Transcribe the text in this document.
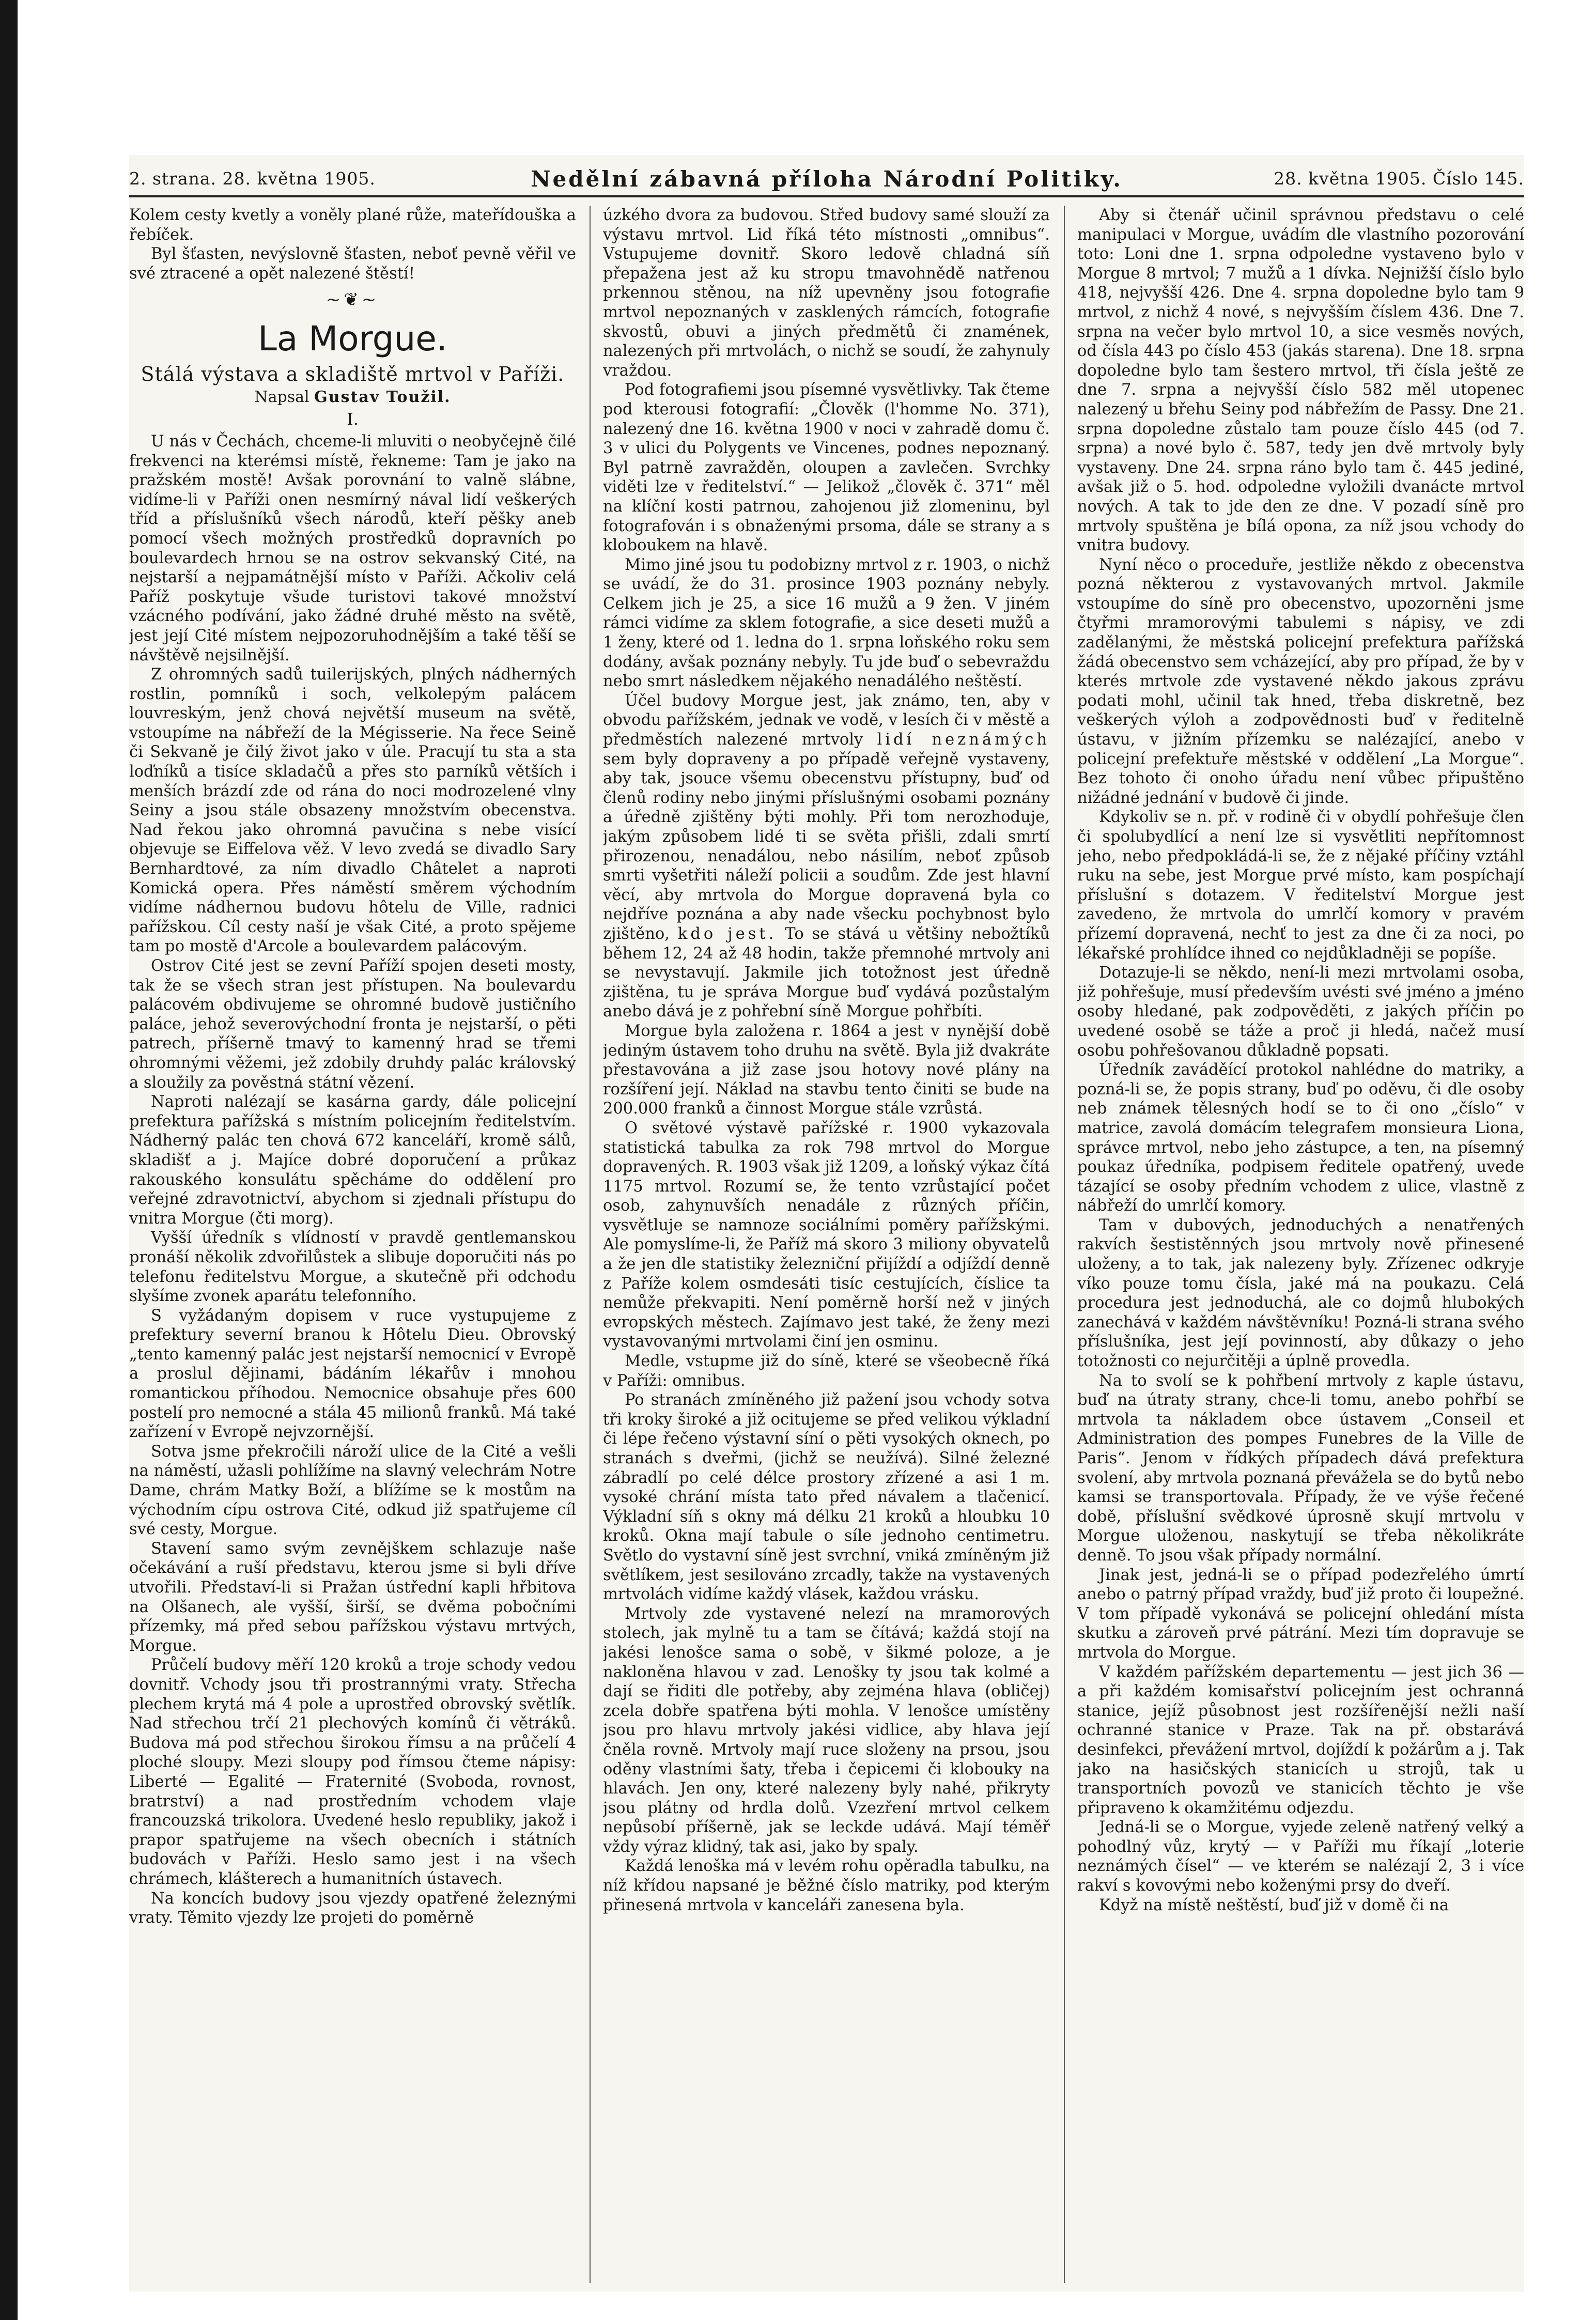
2. strana. 28. května 1905.	Nedělní zábavná příloha Národní Politiky.	28. května 1905. Číslo 145.

Kolem cesty kvetly a voněly plané růže, mateřídouška a řebíček.

Byl šťasten, nevýslovně šťasten, neboť pevně věřil ve své ztracené a opět nalezené štěstí!

~❦~
La Morgue.
Stálá výstava a skladiště mrtvol v Paříži.
Napsal Gustav Toužil.
I.

U nás v Čechách, chceme-li mluviti o neobyčejně čilé frekvenci na kterémsi místě, řekneme: Tam je jako na pražském mostě! Avšak porovnání to valně slábne, vidíme-li v Paříži onen nesmírný nával lidí veškerých tříd a příslušníků všech národů, kteří pěšky aneb pomocí všech možných prostředků dopravních po boulevardech hrnou se na ostrov sekvanský Cité, na nejstarší a nejpamátnější místo v Paříži. Ačkoliv celá Paříž poskytuje všude turistovi takové množství vzácného podívání, jako žádné druhé město na světě, jest její Cité místem nejpozoruhodnějším a také těší se návštěvě nejsilnější.

Z ohromných sadů tuilerijských, plných nádherných rostlin, pomníků i soch, velkolepým palácem louvreským, jenž chová největší museum na světě, vstoupíme na nábřeží de la Mégisserie. Na řece Seině či Sekvaně je čilý život jako v úle. Pracují tu sta a sta loďníků a tisíce skladačů a přes sto parníků větších i menších brázdí zde od rána do noci modrozelené vlny Seiny a jsou stále obsazeny množstvím obecenstva. Nad řekou jako ohromná pavučina s nebe visící objevuje se Eiffelova věž. V levo zvedá se divadlo Sary Bernhardtové, za ním divadlo Châtelet a naproti Komická opera. Přes náměstí směrem východním vidíme nádhernou budovu hôtelu de Ville, radnici pařížskou. Cíl cesty naší je však Cité, a proto spějeme tam po mostě d'Arcole a boulevardem palácovým.

Ostrov Cité jest se zevní Paříží spojen deseti mosty, tak že se všech stran jest přístupen. Na boulevardu palácovém obdivujeme se ohromné budově justičního paláce, jehož severovýchodní fronta je nejstarší, o pěti patrech, příšerně tmavý to kamenný hrad se třemi ohromnými věžemi, jež zdobily druhdy palác královský a sloužily za pověstná státní vězení.

Naproti nalézají se kasárna gardy, dále policejní prefektura pařížská s místním policejním ředitelstvím. Nádherný palác ten chová 672 kanceláří, kromě sálů, skladišť a j. Majíce dobré doporučení a průkaz rakouského konsulátu spěcháme do oddělení pro veřejné zdravotnictví, abychom si zjednali přístupu do vnitra Morgue (čti morg).

Vyšší úředník s vlídností v pravdě gentlemanskou pronáší několik zdvořilůstek a slibuje doporučiti nás po telefonu ředitelstvu Morgue, a skutečně při odchodu slyšíme zvonek aparátu telefonního.

S vyžádaným dopisem v ruce vystupujeme z prefektury severní branou k Hôtelu Dieu. Obrovský „tento kamenný palác jest nejstarší nemocnicí v Evropě a proslul dějinami, bádáním lékařův i mnohou romantickou příhodou. Nemocnice obsahuje přes 600 postelí pro nemocné a stála 45 milionů franků. Má také zařízení v Evropě nejvzornější.

Sotva jsme překročili nároží ulice de la Cité a vešli na náměstí, užasli pohlížíme na slavný velechrám Notre Dame, chrám Matky Boží, a blížíme se k mostům na východním cípu ostrova Cité, odkud již spatřujeme cíl své cesty, Morgue.

Stavení samo svým zevnějškem schlazuje naše očekávání a ruší představu, kterou jsme si byli dříve utvořili. Představí-li si Pražan ústřední kapli hřbitova na Olšanech, ale vyšší, širší, se dvěma pobočními přízemky, má před sebou pařížskou výstavu mrtvých, Morgue.

Průčelí budovy měří 120 kroků a troje schody vedou dovnitř. Vchody jsou tři prostrannými vraty. Střecha plechem krytá má 4 pole a uprostřed obrovský světlík. Nad střechou trčí 21 plechových komínů či větráků. Budova má pod střechou širokou římsu a na průčelí 4 ploché sloupy. Mezi sloupy pod římsou čteme nápisy: Liberté — Egalité — Fraternité (Svoboda, rovnost, bratrství) a nad prostředním vchodem vlaje francouzská trikolora. Uvedené heslo republiky, jakož i prapor spatřujeme na všech obecních i státních budovách v Paříži. Heslo samo jest i na všech chrámech, klášterech a humanitních ústavech.

Na koncích budovy jsou vjezdy opatřené železnými vraty. Těmito vjezdy lze projeti do poměrně

úzkého dvora za budovou. Střed budovy samé slouží za výstavu mrtvol. Lid říká této místnosti „omnibus“. Vstupujeme dovnitř. Skoro ledově chladná síň přepažena jest až ku stropu tmavohnědě natřenou prkennou stěnou, na níž upevněny jsou fotografie mrtvol nepoznaných v zasklených rámcích, fotografie skvostů, obuvi a jiných předmětů či znamének, nalezených při mrtvolách, o nichž se soudí, že zahynuly vraždou.

Pod fotografiemi jsou písemné vysvětlivky. Tak čteme pod kterousi fotografií: „Člověk (l'homme No. 371), nalezený dne 16. května 1900 v noci v zahradě domu č. 3 v ulici du Polygents ve Vincenes, podnes nepoznaný. Byl patrně zavražděn, oloupen a zavlečen. Svrchky viděti lze v ředitelství.“ — Jelikož „člověk č. 371“ měl na klíční kosti patrnou, zahojenou již zlomeninu, byl fotografován i s obnaženými prsoma, dále se strany a s kloboukem na hlavě.

Mimo jiné jsou tu podobizny mrtvol z r. 1903, o nichž se uvádí, že do 31. prosince 1903 poznány nebyly. Celkem jich je 25, a sice 16 mužů a 9 žen. V jiném rámci vidíme za sklem fotografie, a sice deseti mužů a 1 ženy, které od 1. ledna do 1. srpna loňského roku sem dodány, avšak poznány nebyly. Tu jde buď o sebevraždu nebo smrt následkem nějakého nenadálého neštěstí.

Účel budovy Morgue jest, jak známo, ten, aby v obvodu pařížském, jednak ve vodě, v lesích či v městě a předměstích nalezené mrtvoly lidí neznámých sem byly dopraveny a po případě veřejně vystaveny, aby tak, jsouce všemu obecenstvu přístupny, buď od členů rodiny nebo jinými příslušnými osobami poznány a úředně zjištěny býti mohly. Při tom nerozhoduje, jakým způsobem lidé ti se světa přišli, zdali smrtí přirozenou, nenadálou, nebo násilím, neboť způsob smrti vyšetřiti náleží policii a soudům. Zde jest hlavní věcí, aby mrtvola do Morgue dopravená byla co nejdříve poznána a aby nade všecku pochybnost bylo zjištěno, kdo jest. To se stává u většiny nebožtíků během 12, 24 až 48 hodin, takže přemnohé mrtvoly ani se nevystavují. Jakmile jich totožnost jest úředně zjištěna, tu je správa Morgue buď vydává pozůstalým anebo dává je z pohřební síně Morgue pohřbíti.

Morgue byla založena r. 1864 a jest v nynější době jediným ústavem toho druhu na světě. Byla již dvakráte přestavována a již zase jsou hotovy nové plány na rozšíření její. Náklad na stavbu tento činiti se bude na 200.000 franků a činnost Morgue stále vzrůstá.

O světové výstavě pařížské r. 1900 vykazovala statistická tabulka za rok 798 mrtvol do Morgue dopravených. R. 1903 však již 1209, a loňský výkaz čítá 1175 mrtvol. Rozumí se, že tento vzrůstající počet osob, zahynuvších nenadále z různých příčin, vysvětluje se namnoze sociálními poměry pařížskými. Ale pomyslíme-li, že Paříž má skoro 3 miliony obyvatelů a že jen dle statistiky železniční přijíždí a odjíždí denně z Paříže kolem osmdesáti tisíc cestujících, číslice ta nemůže překvapiti. Není poměrně horší než v jiných evropských městech. Zajímavo jest také, že ženy mezi vystavovanými mrtvolami činí jen osminu.

Medle, vstupme již do síně, které se všeobecně říká v Paříži: omnibus.

Po stranách zmíněného již pažení jsou vchody sotva tři kroky široké a již ocitujeme se před velikou výkladní či lépe řečeno výstavní síní o pěti vysokých oknech, po stranách s dveřmi, (jichž se neužívá). Silné železné zábradlí po celé délce prostory zřízené a asi 1 m. vysoké chrání místa tato před návalem a tlačenicí. Výkladní síň s okny má délku 21 kroků a hloubku 10 kroků. Okna mají tabule o síle jednoho centimetru. Světlo do vystavní síně jest svrchní, vniká zmíněným již světlíkem, jest sesilováno zrcadly, takže na vystavených mrtvolách vidíme každý vlásek, každou vrásku.

Mrtvoly zde vystavené nelezí na mramorových stolech, jak mylně tu a tam se čítává; každá stojí na jakési lenošce sama o sobě, v šikmé poloze, a je nakloněna hlavou v zad. Lenošky ty jsou tak kolmé a dají se řiditi dle potřeby, aby zejména hlava (obličej) zcela dobře spatřena býti mohla. V lenošce umístěny jsou pro hlavu mrtvoly jakési vidlice, aby hlava její čněla rovně. Mrtvoly mají ruce složeny na prsou, jsou oděny vlastními šaty, třeba i čepicemi či klobouky na hlavách. Jen ony, které nalezeny byly nahé, přikryty jsou plátny od hrdla dolů. Vzezření mrtvol celkem nepůsobí příšerně, jak se leckde udává. Mají téměř vždy výraz klidný, tak asi, jako by spaly.

Každá lenoška má v levém rohu opěradla tabulku, na níž křídou napsané je běžné číslo matriky, pod kterým přinesená mrtvola v kanceláři zanesena byla.

Aby si čtenář učinil správnou představu o celé manipulaci v Morgue, uvádím dle vlastního pozorování toto: Loni dne 1. srpna odpoledne vystaveno bylo v Morgue 8 mrtvol; 7 mužů a 1 dívka. Nejnižší číslo bylo 418, nejvyšší 426. Dne 4. srpna dopoledne bylo tam 9 mrtvol, z nichž 4 nové, s nejvyšším číslem 436. Dne 7. srpna na večer bylo mrtvol 10, a sice vesměs nových, od čísla 443 po číslo 453 (jakás starena). Dne 18. srpna dopoledne bylo tam šestero mrtvol, tři čísla ještě ze dne 7. srpna a nejvyšší číslo 582 měl utopenec nalezený u břehu Seiny pod nábřežím de Passy. Dne 21. srpna dopoledne zůstalo tam pouze číslo 445 (od 7. srpna) a nové bylo č. 587, tedy jen dvě mrtvoly byly vystaveny. Dne 24. srpna ráno bylo tam č. 445 jediné, avšak již o 5. hod. odpoledne vyložili dvanácte mrtvol nových. A tak to jde den ze dne. V pozadí síně pro mrtvoly spuštěna je bílá opona, za níž jsou vchody do vnitra budovy.

Nyní něco o proceduře, jestliže někdo z obecenstva pozná některou z vystavovaných mrtvol. Jakmile vstoupíme do síně pro obecenstvo, upozorněni jsme čtyřmi mramorovými tabulemi s nápisy, ve zdi zadělanými, že městská policejní prefektura pařížská žádá obecenstvo sem vcházející, aby pro případ, že by v kterés mrtvole zde vystavené někdo jakous zprávu podati mohl, učinil tak hned, třeba diskretně, bez veškerých výloh a zodpovědnosti buď v ředitelně ústavu, v jižním přízemku se nalézající, anebo v policejní prefektuře městské v oddělení „La Morgue“. Bez tohoto či onoho úřadu není vůbec připuštěno nižádné jednání v budově či jinde.

Kdykoliv se n. př. v rodině či v obydlí pohřešuje člen či spolubydlící a není lze si vysvětliti nepřítomnost jeho, nebo předpokládá-li se, že z nějaké příčiny vztáhl ruku na sebe, jest Morgue prvé místo, kam pospíchají příslušní s dotazem. V ředitelství Morgue jest zavedeno, že mrtvola do umrlčí komory v pravém přízemí dopravená, nechť to jest za dne či za noci, po lékařské prohlídce ihned co nejdůkladněji se popíše.

Dotazuje-li se někdo, není-li mezi mrtvolami osoba, již pohřešuje, musí především uvésti své jméno a jméno osoby hledané, pak zodpověděti, z jakých příčin po uvedené osobě se táže a proč ji hledá, načež musí osobu pohřešovanou důkladně popsati.

Úředník zaváděící protokol nahlédne do matriky, a pozná-li se, že popis strany, buď po oděvu, či dle osoby neb známek tělesných hodí se to či ono „číslo“ v matrice, zavolá domácím telegrafem monsieura Liona, správce mrtvol, nebo jeho zástupce, a ten, na písemný poukaz úředníka, podpisem ředitele opatřený, uvede tázající se osoby předním vchodem z ulice, vlastně z nábřeží do umrlčí komory.

Tam v dubových, jednoduchých a nenatřených rakvích šestistěnných jsou mrtvoly nově přinesené uloženy, a to tak, jak nalezeny byly. Zřízenec odkryje víko pouze tomu čísla, jaké má na poukazu. Celá procedura jest jednoduchá, ale co dojmů hlubokých zanechává v každém návštěvníku! Pozná-li strana svého příslušníka, jest její povinností, aby důkazy o jeho totožnosti co nejurčitěji a úplně provedla.

Na to svolí se k pohřbení mrtvoly z kaple ústavu, buď na útraty strany, chce-li tomu, anebo pohřbí se mrtvola ta nákladem obce ústavem „Conseil et Administration des pompes Funebres de la Ville de Paris“. Jenom v řídkých případech dává prefektura svolení, aby mrtvola poznaná převážela se do bytů nebo kamsi se transportovala. Případy, že ve výše řečené době, příslušní svědkové úprosně skují mrtvolu v Morgue uloženou, naskytují se třeba několikráte denně. To jsou však případy normální.

Jinak jest, jedná-li se o případ podezřelého úmrtí anebo o patrný případ vraždy, buď již proto či loupežné. V tom případě vykonává se policejní ohledání místa skutku a zároveň prvé pátrání. Mezi tím dopravuje se mrtvola do Morgue.

V každém pařížském departementu — jest jich 36 — a při každém komisařství policejním jest ochranná stanice, jejíž působnost jest rozšířenější nežli naší ochranné stanice v Praze. Tak na př. obstarává desinfekci, převážení mrtvol, dojíždí k požárům a j. Tak jako na hasičských stanicích u strojů, tak u transportních povozů ve stanicích těchto je vše připraveno k okamžitému odjezdu.

Jedná-li se o Morgue, vyjede zeleně natřený velký a pohodlný vůz, krytý — v Paříži mu říkají „loterie neznámých čísel“ — ve kterém se nalézají 2, 3 i více rakví s kovovými nebo koženými prsy do dveří.

Když na místě neštěstí, buď již v domě či na
